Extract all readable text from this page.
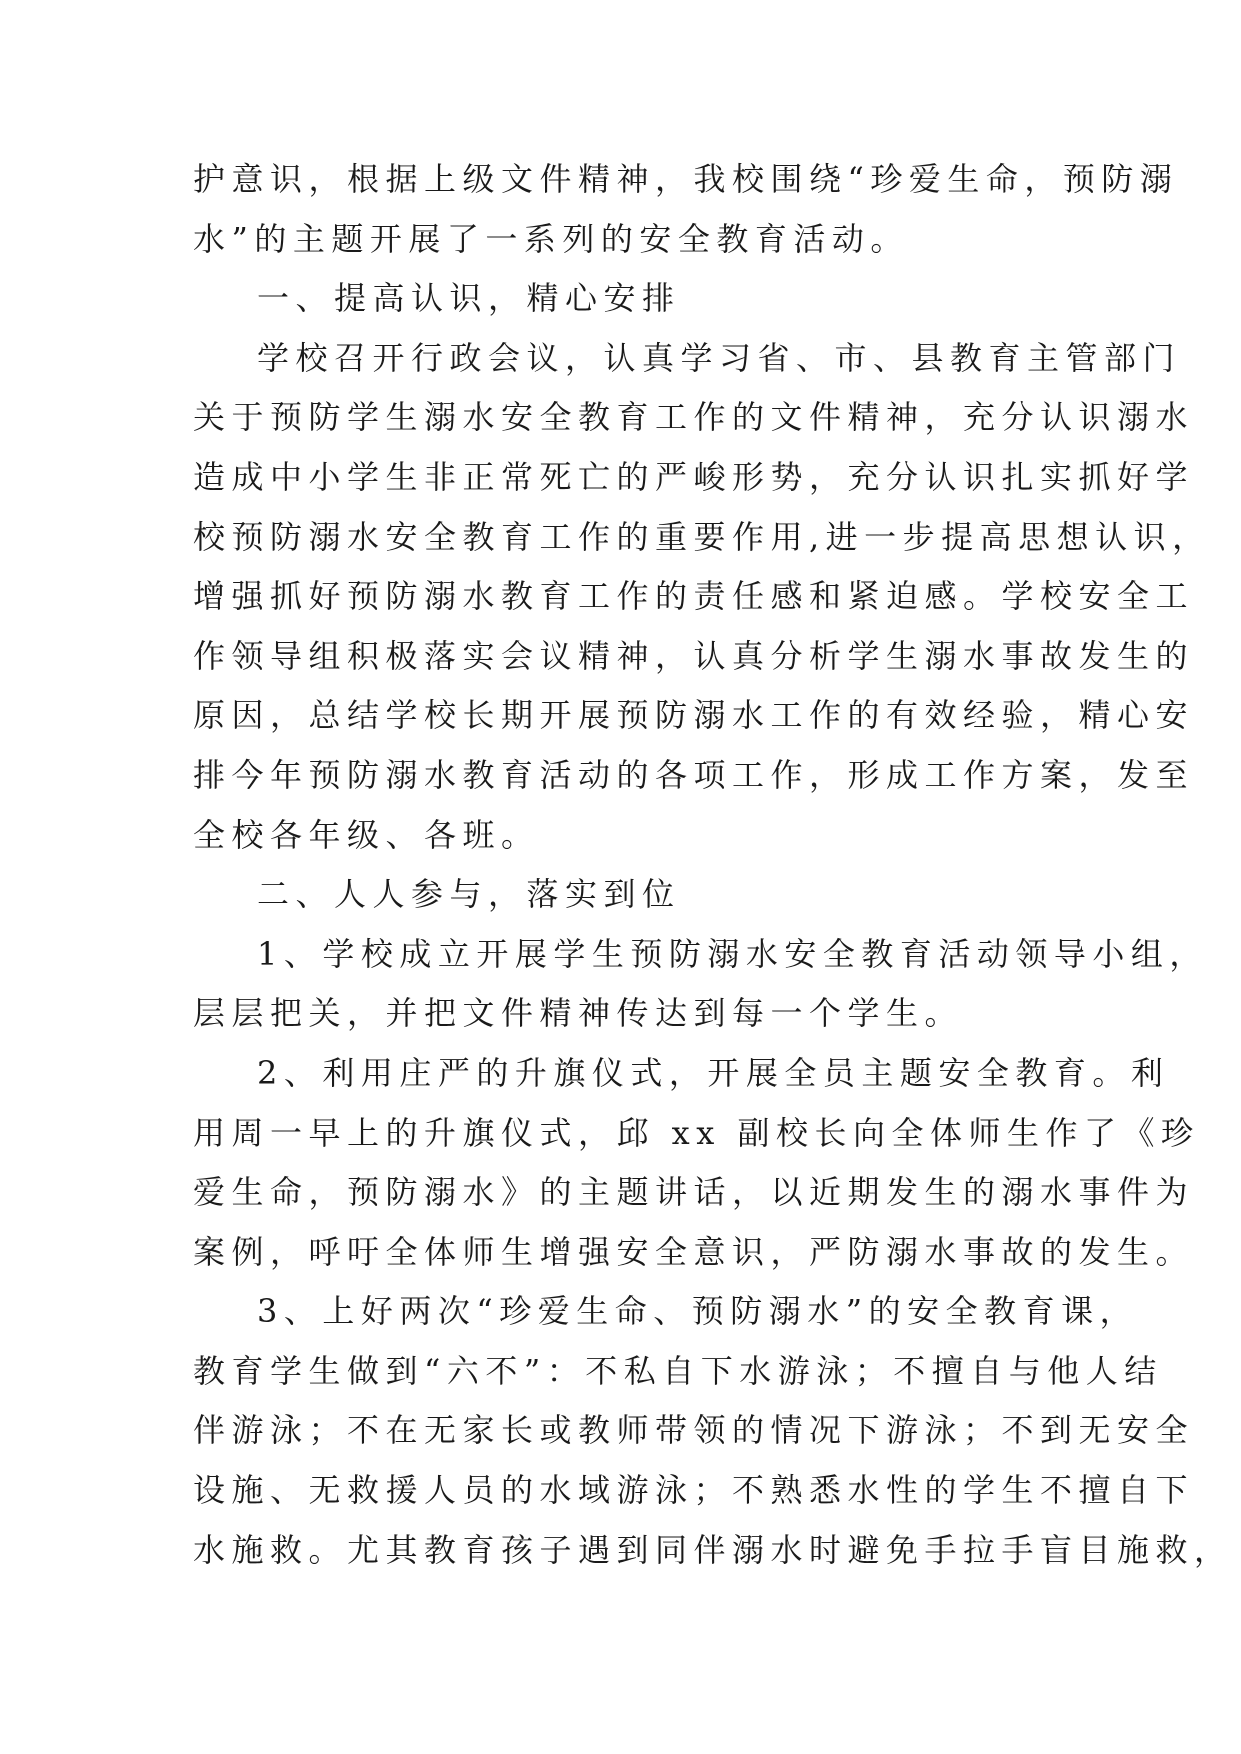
护意识，根据上级文件精神，我校围绕“珍爱生命，预防溺
水”的主题开展了一系列的安全教育活动。
一、提高认识，精心安排
学校召开行政会议，认真学习省、市、县教育主管部门
关于预防学生溺水安全教育工作的文件精神，充分认识溺水
造成中小学生非正常死亡的严峻形势，充分认识扎实抓好学
校预防溺水安全教育工作的重要作用,进一步提高思想认识，
增强抓好预防溺水教育工作的责任感和紧迫感。学校安全工
作领导组积极落实会议精神，认真分析学生溺水事故发生的
原因，总结学校长期开展预防溺水工作的有效经验，精心安
排今年预防溺水教育活动的各项工作，形成工作方案，发至
全校各年级、各班。
二、人人参与，落实到位
1、学校成立开展学生预防溺水安全教育活动领导小组，
层层把关，并把文件精神传达到每一个学生。
2、利用庄严的升旗仪式，开展全员主题安全教育。利
用周一早上的升旗仪式，邱 xx 副校长向全体师生作了《珍
爱生命，预防溺水》的主题讲话，以近期发生的溺水事件为
案例，呼吁全体师生增强安全意识，严防溺水事故的发生。
3、上好两次“珍爱生命、预防溺水”的安全教育课，
教育学生做到“六不”：不私自下水游泳；不擅自与他人结
伴游泳；不在无家长或教师带领的情况下游泳；不到无安全
设施、无救援人员的水域游泳；不熟悉水性的学生不擅自下
水施救。尤其教育孩子遇到同伴溺水时避免手拉手盲目施救，
